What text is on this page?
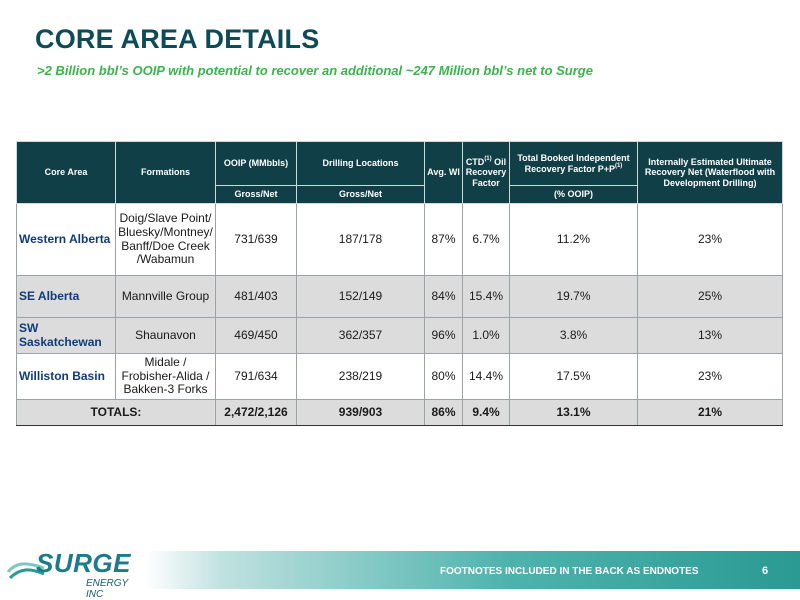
CORE AREA DETAILS
>2 Billion bbl’s OOIP with potential to recover an additional ~247 Million bbl’s net to Surge
Core Area	Formations	OOIP (MMbbls)	Drilling Locations	Avg. WI	CTD$^{(1)}$ Oil Recovery Factor	Total Booked Independent Recovery Factor $P+P^{(1)}$	Internally Estimated Ultimate Recovery Net (Waterflood with Development Drilling)
		Gross/Net	Gross/Net			(% OOIP)	
Western Alberta	Doig/Slave Point/ Bluesky/Montney/ Banff/Doe Creek /Wabamun	731/639	187/178	87%	6.7%	11.2%	23%
SE Alberta	Mannville Group	481/403	152/149	84%	15.4%	19.7%	25%
SW Saskatchewan	Shaunavon	469/450	362/357	96%	1.0%	3.8%	13%
Williston Basin	Midale / Frobisher-Alida / Bakken-3 Forks	791/634	238/219	80%	14.4%	17.5%	23%
TOTALS:		2,472/2,126	939/903	86%	9.4%	13.1%	21%
FOOTNOTES INCLUDED IN THE BACK AS ENDNOTES	6
SURGE
ENERGY INC
